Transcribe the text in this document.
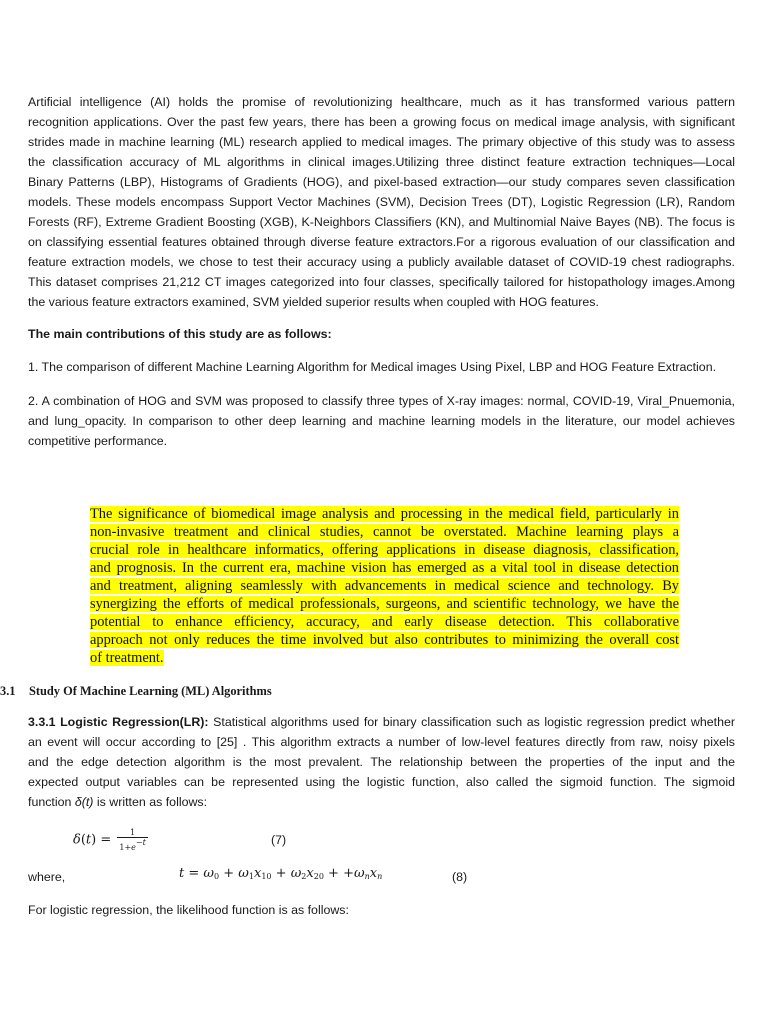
Artificial intelligence (AI) holds the promise of revolutionizing healthcare, much as it has transformed various pattern
recognition applications. Over the past few years, there has been a growing focus on medical image analysis, with significant
strides made in machine learning (ML) research applied to medical images. The primary objective of this study was to assess
the classification accuracy of ML algorithms in clinical images.Utilizing three distinct feature extraction techniques—Local
Binary Patterns (LBP), Histograms of Gradients (HOG), and pixel-based extraction—our study compares seven classification
models. These models encompass Support Vector Machines (SVM), Decision Trees (DT), Logistic Regression (LR), Random
Forests (RF), Extreme Gradient Boosting (XGB), K-Neighbors Classifiers (KN), and Multinomial Naive Bayes (NB). The focus is
on classifying essential features obtained through diverse feature extractors.For a rigorous evaluation of our classification and
feature extraction models, we chose to test their accuracy using a publicly available dataset of COVID-19 chest radiographs.
This dataset comprises 21,212 CT images categorized into four classes, specifically tailored for histopathology images.Among
the various feature extractors examined, SVM yielded superior results when coupled with HOG features.

The main contributions of this study are as follows:

1. The comparison of different Machine Learning Algorithm for Medical images Using Pixel, LBP and HOG Feature Extraction.

2. A combination of HOG and SVM was proposed to classify three types of X-ray images: normal, COVID-19, Viral_Pnuemonia,
and lung_opacity. In comparison to other deep learning and machine learning models in the literature, our model achieves
competitive performance.
The significance of biomedical image analysis and processing in the medical field, particularly in
non-invasive treatment and clinical studies, cannot be overstated. Machine learning plays a
crucial role in healthcare informatics, offering applications in disease diagnosis, classification,
and prognosis. In the current era, machine vision has emerged as a vital tool in disease detection
and treatment, aligning seamlessly with advancements in medical science and technology. By
synergizing the efforts of medical professionals, surgeons, and scientific technology, we have the
potential to enhance efficiency, accuracy, and early disease detection. This collaborative
approach not only reduces the time involved but also contributes to minimizing the overall cost
of treatment.
3.1 Study Of Machine Learning (ML) Algorithms
3.3.1 Logistic Regression(LR): Statistical algorithms used for binary classification such as logistic regression predict whether
an event will occur according to [25] . This algorithm extracts a number of low-level features directly from raw, noisy pixels
and the edge detection algorithm is the most prevalent. The relationship between the properties of the input and the
expected output variables can be represented using the logistic function, also called the sigmoid function. The sigmoid
function δ(t) is written as follows:
$\delta(t) = \frac{1}{1+e^{-t}}$	(7)
where,	$t = \omega_0 + \omega_1x_{10} + \omega_2x_{20} + +\omega_nx_n$	(8)

For logistic regression, the likelihood function is as follows:
